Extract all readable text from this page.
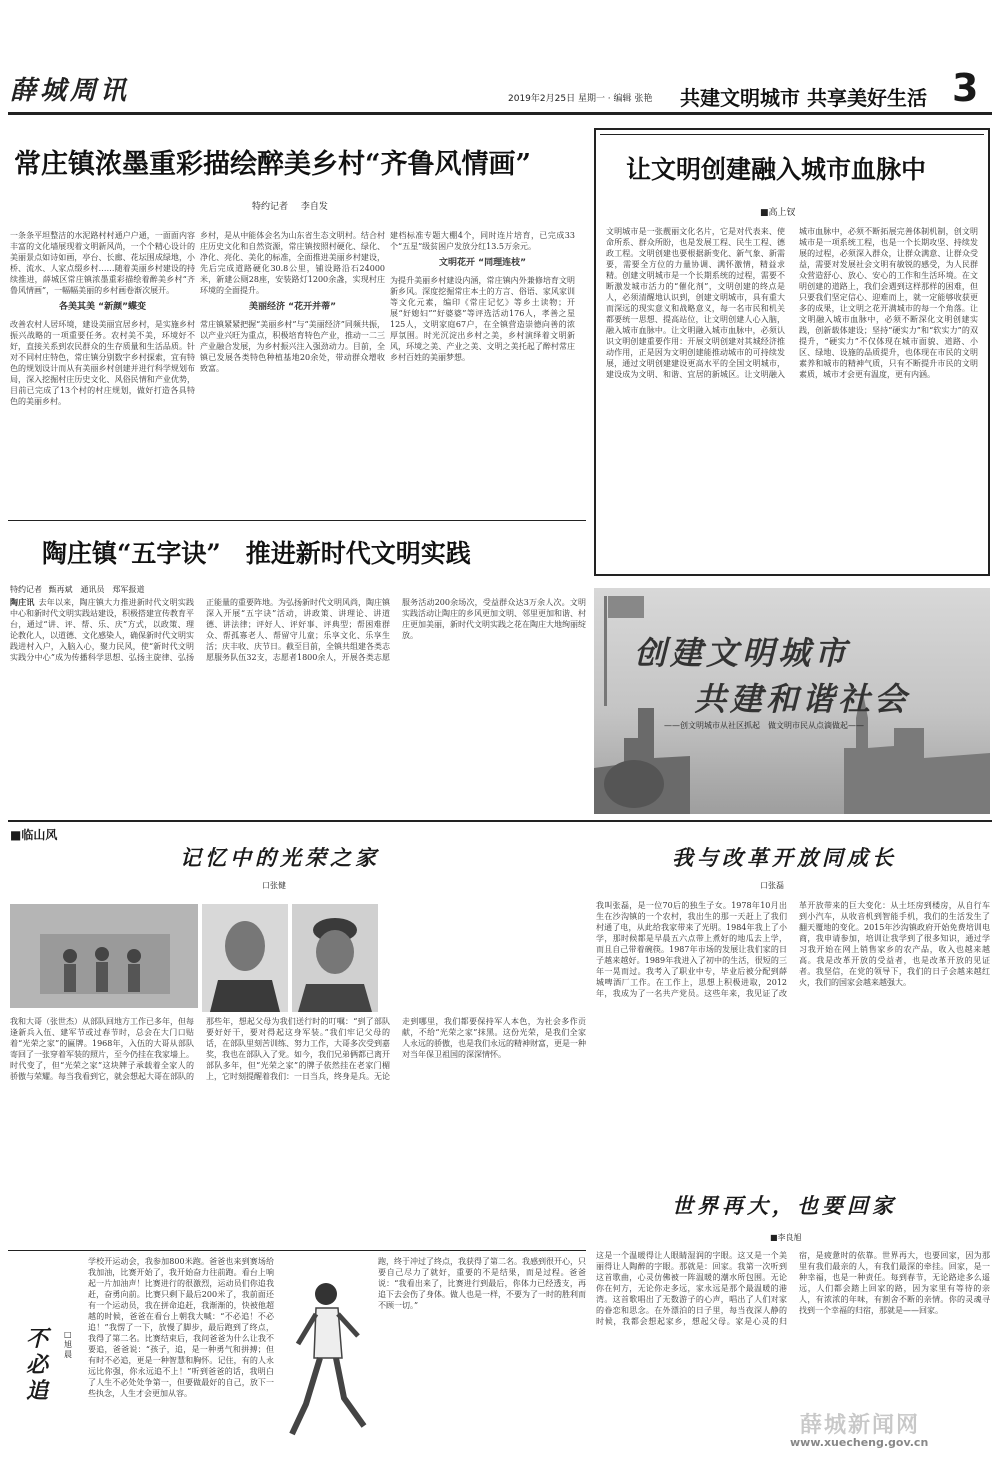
薛城周讯	2019年2月25日 星期一 · 编辑 张艳 共建文明城市 共享美好生活 3
常庄镇浓墨重彩描绘醉美乡村“齐鲁风情画”
特约记者 李自发

一条条平坦整洁的水泥路村村通户户通，一面面内容丰富的文化墙展现着文明新风尚，一个个精心设计的美丽景点如诗如画，亭台、长廊、花坛围成绿地，小桥、流水、人家点缀乡村……随着美丽乡村建设的持续推进，薛城区常庄镇浓墨重彩描绘着醉美乡村“齐鲁风情画”，一幅幅美丽的乡村画卷渐次展开。

各美其美 “新颜”蝶变

改善农村人居环境，建设美丽宜居乡村，是实施乡村振兴战略的一项重要任务。农村美不美，环境好不好，直接关系到农民群众的生存质量和生活品质。针对不同村庄特色，常庄镇分别数字乡村探索，宜有特色的规划设计而从有美丽乡村创建并进行科学规划布局，深入挖掘村庄历史文化、风俗民情和产业优势，目前已完成了13个村的村庄规划，做好打造各具特色的美丽乡村。

乡村，是从中能体会名为山东省生态文明村。结合村庄历史文化和自然资源，常庄镇按照村硬化、绿化、净化、亮化、美化的标准，全面推进美丽乡村建设，先后完成道路硬化30.8公里，铺设路沿石24000米，新建公厕28座，安装路灯1200余盏，实现村庄环境的全面提升。

美丽经济 “花开并蒂”

常庄镇紧紧把握“美丽乡村”与“美丽经济”同频共振，以产业兴旺为重点，积极培育特色产业，推动一二三产业融合发展，为乡村振兴注入强劲动力。目前，全镇已发展各类特色种植基地20余处，带动群众增收致富。

建档标准专题大棚4个，同时连片培育，已完成33个“五星”级贫困户发放分红13.5万余元。

文明花开 “同理连枝”

为提升美丽乡村建设内涵，常庄镇内外兼修培育文明新乡风。深度挖掘常庄本土的方言、俗语、家风家训等文化元素，编印《常庄记忆》等乡土读物；开展“好媳妇”“好婆婆”等评选活动176人，孝善之星125人，文明家庭67户，在全镇营造崇德向善的浓厚氛围。时光沉淀出乡村之美，乡村演绎着文明新风，环境之美、产业之美、文明之美托起了醉村常庄乡村百姓的美丽梦想。

让文明创建融入城市血脉中
■高上钗
文明城市是一张靓丽文化名片，它是对代表来、使命所系、群众所盼，也是发展工程、民生工程、德政工程。文明创建也要根据新变化、新气象、新需要，需要全方位的力量协调、满怀激情，精益求精。创建文明城市是一个长期系统的过程，需要不断激发城市活力的“催化剂”，文明创建的终点是人，必须清醒地认识到，创建文明城市，具有重大而深远的现实意义和战略意义，每一名市民和机关都要统一思想、提高站位，让文明创建人心入脑，融入城市血脉中。让文明融入城市血脉中，必须认识文明创建重要作用：开展文明创建对其城经济推动作用，正是因为文明创建能推动城市的可持续发展，通过文明创建建设更高水平的全国文明城市，建设成为文明、和谐、宜居的新城区。让文明融入城市血脉中，必须不断拓展完善体制机制，创文明城市是一项系统工程，也是一个长期攻坚、持续发展的过程，必须深入群众，让群众满意、让群众受益，需要对发展社会文明有敏锐的感受，为人民群众营造舒心、放心、安心的工作和生活环境。在文明创建的道路上，我们会遇到这样那样的困难，但只要我们坚定信心、迎难而上，就一定能够收获更多的成果，让文明之花开满城市的每一个角落。让文明融入城市血脉中，必须不断深化文明创建实践，创新载体建设；坚持“硬实力”和“软实力”的双提升，“硬实力”不仅体现在城市面貌、道路、小区、绿地、设施的品质提升，也体现在市民的文明素养和城市的精神气质，只有不断提升市民的文明素质，城市才会更有温度，更有内涵。
陶庄镇“五字诀”　推进新时代文明实践
特约记者 甄再斌　通讯员　郑军报道
陶庄讯 去年以来，陶庄镇大力推进新时代文明实践中心和新时代文明实践站建设，积极搭建宣传教育平台，通过“讲、评、帮、乐、庆”方式，以政策、理论教化人，以道德、文化感染人，确保新时代文明实践进村入户，入脑入心，聚力民风，使“新时代文明实践分中心”成为传播科学思想、弘扬主旋律、弘扬正能量的重要阵地。为弘扬新时代文明风尚，陶庄镇深入开展“五字诀”活动，讲政策、讲理论、讲道德、讲法律；评好人、评好事、评典型；帮困难群众、帮孤寡老人、帮留守儿童；乐享文化、乐享生活；庆丰收、庆节日。截至目前，全镇共组建各类志愿服务队伍32支，志愿者1800余人，开展各类志愿服务活动200余场次，受益群众达3万余人次。文明实践活动让陶庄的乡风更加文明、邻里更加和谐、村庄更加美丽，新时代文明实践之花在陶庄大地绚丽绽放。	创建文明城市
共建和谐社会
——创文明城市从社区抓起　做文明市民从点滴做起——
■临山风
记忆中的光荣之家
口张健
我和大哥（张世杰）从部队回地方工作已多年，但每逢新兵入伍、建军节或过春节时，总会在大门口贴着“光荣之家”的匾牌。1968年，入伍的大哥从部队寄回了一张穿着军装的照片，至今仍挂在我家墙上。时代变了，但“光荣之家”这块牌子承载着全家人的骄傲与荣耀。每当我看到它，就会想起大哥在部队的那些年，想起父母为我们送行时的叮嘱：“到了部队要好好干，要对得起这身军装。”我们牢记父母的话，在部队里刻苦训练、努力工作，大哥多次受到嘉奖，我也在部队入了党。如今，我们兄弟俩都已离开部队多年，但“光荣之家”的牌子依然挂在老家门楣上，它时刻提醒着我们：一日当兵，终身是兵。无论走到哪里，我们都要保持军人本色，为社会多作贡献，不给“光荣之家”抹黑。这份光荣，是我们全家人永远的骄傲，也是我们永远的精神财富，更是一种对当年保卫祖国的深深情怀。
我与改革开放同成长
口张磊
我叫张磊，是一位70后的独生子女。1978年10月出生在沙沟镇的一个农村，我出生的那一天赶上了我们村通了电，从此给我家带来了光明。1984年我上了小学，那时候都是早晨五六点带上煮好的地瓜去上学，而且自己带着碗筷。1987年市场的发展让我们家的日子越来越好。1989年我进入了初中的生活，很短的三年一晃而过。我考入了职业中专，毕业后被分配到薛城啤酒厂工作。在工作上，思想上积极进取，2012年，我成为了一名共产党员。这些年来，我见证了改革开放带来的巨大变化：从土坯房到楼房，从自行车到小汽车，从收音机到智能手机，我们的生活发生了翻天覆地的变化。2015年沙沟镇政府开始免费培训电商，我申请参加，培训让我学到了很多知识，通过学习我开始在网上销售家乡的农产品，收入也越来越高。我是改革开放的受益者，也是改革开放的见证者。我坚信，在党的领导下，我们的日子会越来越红火，我们的国家会越来越强大。
世界再大，也要回家
■李良旭
不必追
□旭晨
学校开运动会，我参加800米跑。爸爸也来到赛场给我加油，比赛开始了，我开始奋力往前跑。看台上响起一片加油声！比赛进行的很激烈，运动员们你追我赶，奋勇向前。比赛只剩下最后200米了，我前面还有一个运动员，我在拼命追赶，我渐渐的，快被他超越的时候，爸爸在看台上朝我大喊：“不必追！不必追！”我愣了一下，放慢了脚步，最后跑到了终点，我得了第二名。比赛结束后，我问爸爸为什么让我不要追，爸爸说：“孩子，追，是一种勇气和拼搏；但有时不必追，更是一种智慧和胸怀。记住，有的人永远比你强，你永远追不上！”听到爸爸的话，我明白了人生不必处处争第一，但要做最好的自己，放下一些执念，人生才会更加从容。
跑，终于冲过了终点，我获得了第二名。我感到很开心，只要自己尽力了就好，重要的不是结果，而是过程。爸爸说：“我看出来了，比赛进行到最后，你体力已经透支，再追下去会伤了身体。做人也是一样，不要为了一时的胜利而不顾一切。”
这是一个温暖得让人眼睛湿润的字眼。这又是一个美丽得让人陶醉的字眼。那就是：回家。我第一次听到这首歌曲，心灵仿佛被一阵温暖的潮水所包围。无论你在何方，无论你走多远，家永远是那个最温暖的港湾。这首歌唱出了无数游子的心声，唱出了人们对家的眷恋和思念。在外漂泊的日子里，每当夜深人静的时候，我都会想起家乡，想起父母。家是心灵的归宿，是疲惫时的依靠。世界再大，也要回家，因为那里有我们最亲的人，有我们最深的牵挂。回家，是一种幸福，也是一种责任。每到春节，无论路途多么遥远，人们都会踏上回家的路，因为家里有等待的亲人，有浓浓的年味，有割舍不断的亲情。你的灵魂寻找到一个幸福的归宿，那就是——回家。
薛城新闻网
www.xuecheng.gov.cn
